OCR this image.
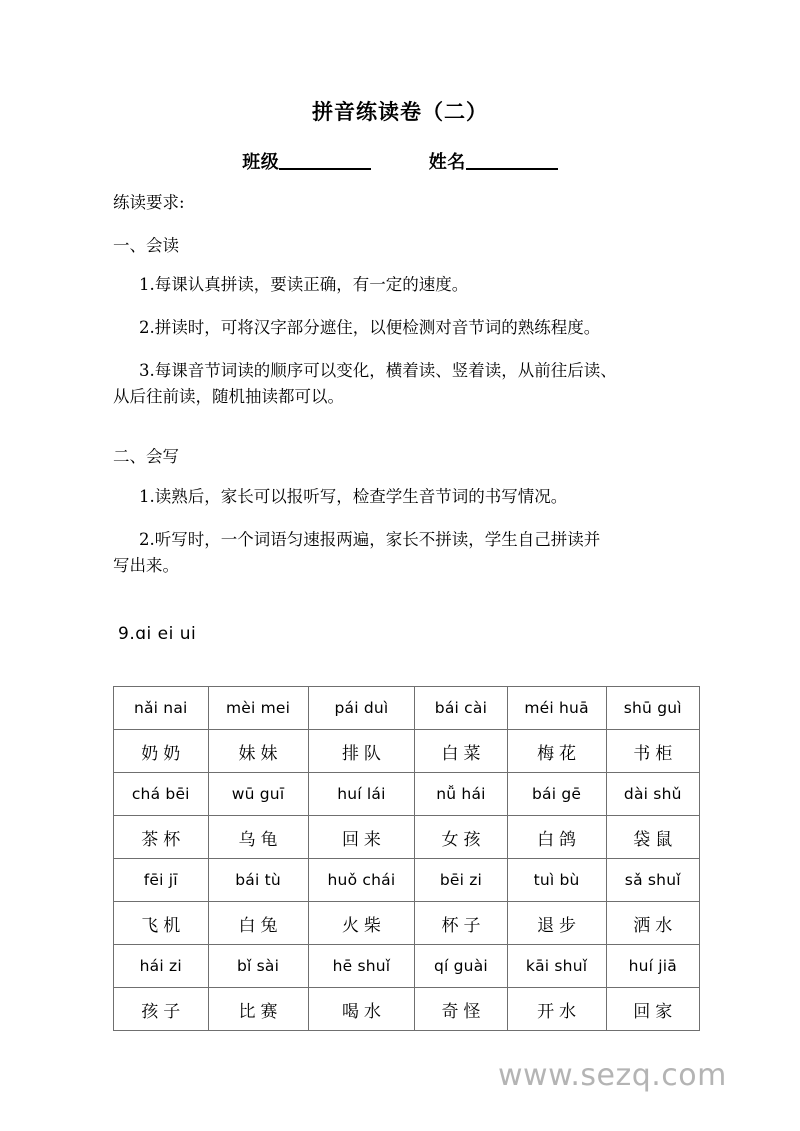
拼音练读卷（二）
班级	姓名
练读要求:
一、会读
1.每课认真拼读，要读正确，有一定的速度。
2.拼读时，可将汉字部分遮住，以便检测对音节词的熟练程度。
3.每课音节词读的顺序可以变化，横着读、竖着读，从前往后读、
从后往前读，随机抽读都可以。
二、会写
1.读熟后，家长可以报听写，检查学生音节词的书写情况。
2.听写时，一个词语匀速报两遍，家长不拼读，学生自己拼读并
写出来。
9.ɑi ei ui
nǎi nai	mèi mei	pái duì	bái cài	méi huā	shū guì
奶奶	妹妹	排队	白菜	梅花	书柜
chá bēi	wū guī	huí lái	nǚ hái	bái gē	dài shǔ
茶杯	乌龟	回来	女孩	白鸽	袋鼠
fēi jī	bái tù	huǒ chái	bēi zi	tuì bù	sǎ shuǐ
飞机	白兔	火柴	杯子	退步	洒水
hái zi	bǐ sài	hē shuǐ	qí guài	kāi shuǐ	huí jiā
孩子	比赛	喝水	奇怪	开水	回家
www.sezq.com
